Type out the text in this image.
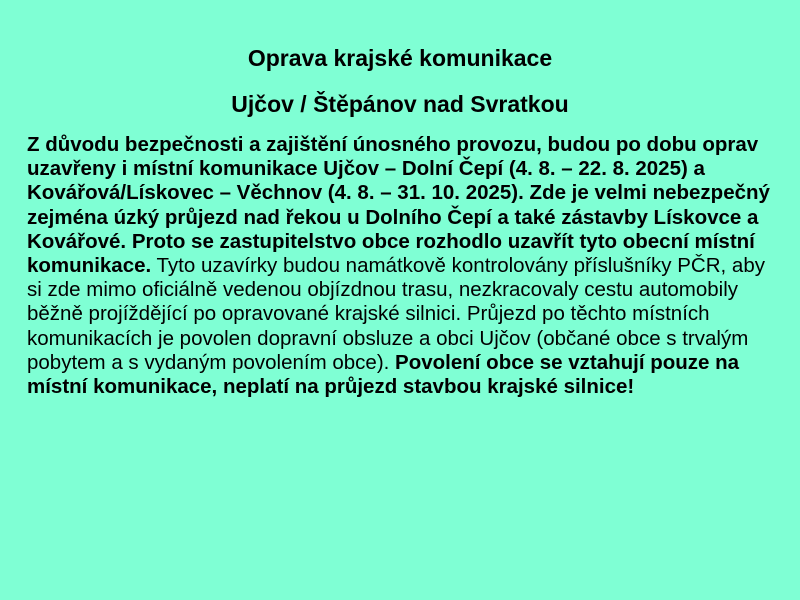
Oprava krajské komunikace
Ujčov / Štěpánov nad Svratkou

Z důvodu bezpečnosti a zajištění únosného provozu, budou po dobu oprav uzavřeny i místní komunikace Ujčov – Dolní Čepí (4. 8. – 22. 8. 2025) a Kovářová/Lískovec – Věchnov (4. 8. – 31. 10. 2025). Zde je velmi nebezpečný zejména úzký průjezd nad řekou u Dolního Čepí a také zástavby Lískovce a Kovářové. Proto se zastupitelstvo obce rozhodlo uzavřít tyto obecní místní komunikace. Tyto uzavírky budou namátkově kontrolovány příslušníky PČR, aby si zde mimo oficiálně vedenou objízdnou trasu, nezkracovaly cestu automobily běžně projíždějící po opravované krajské silnici. Průjezd po těchto místních komunikacích je povolen dopravní obsluze a obci Ujčov (občané obce s trvalým pobytem a s vydaným povolením obce). Povolení obce se vztahují pouze na místní komunikace, neplatí na průjezd stavbou krajské silnice!
